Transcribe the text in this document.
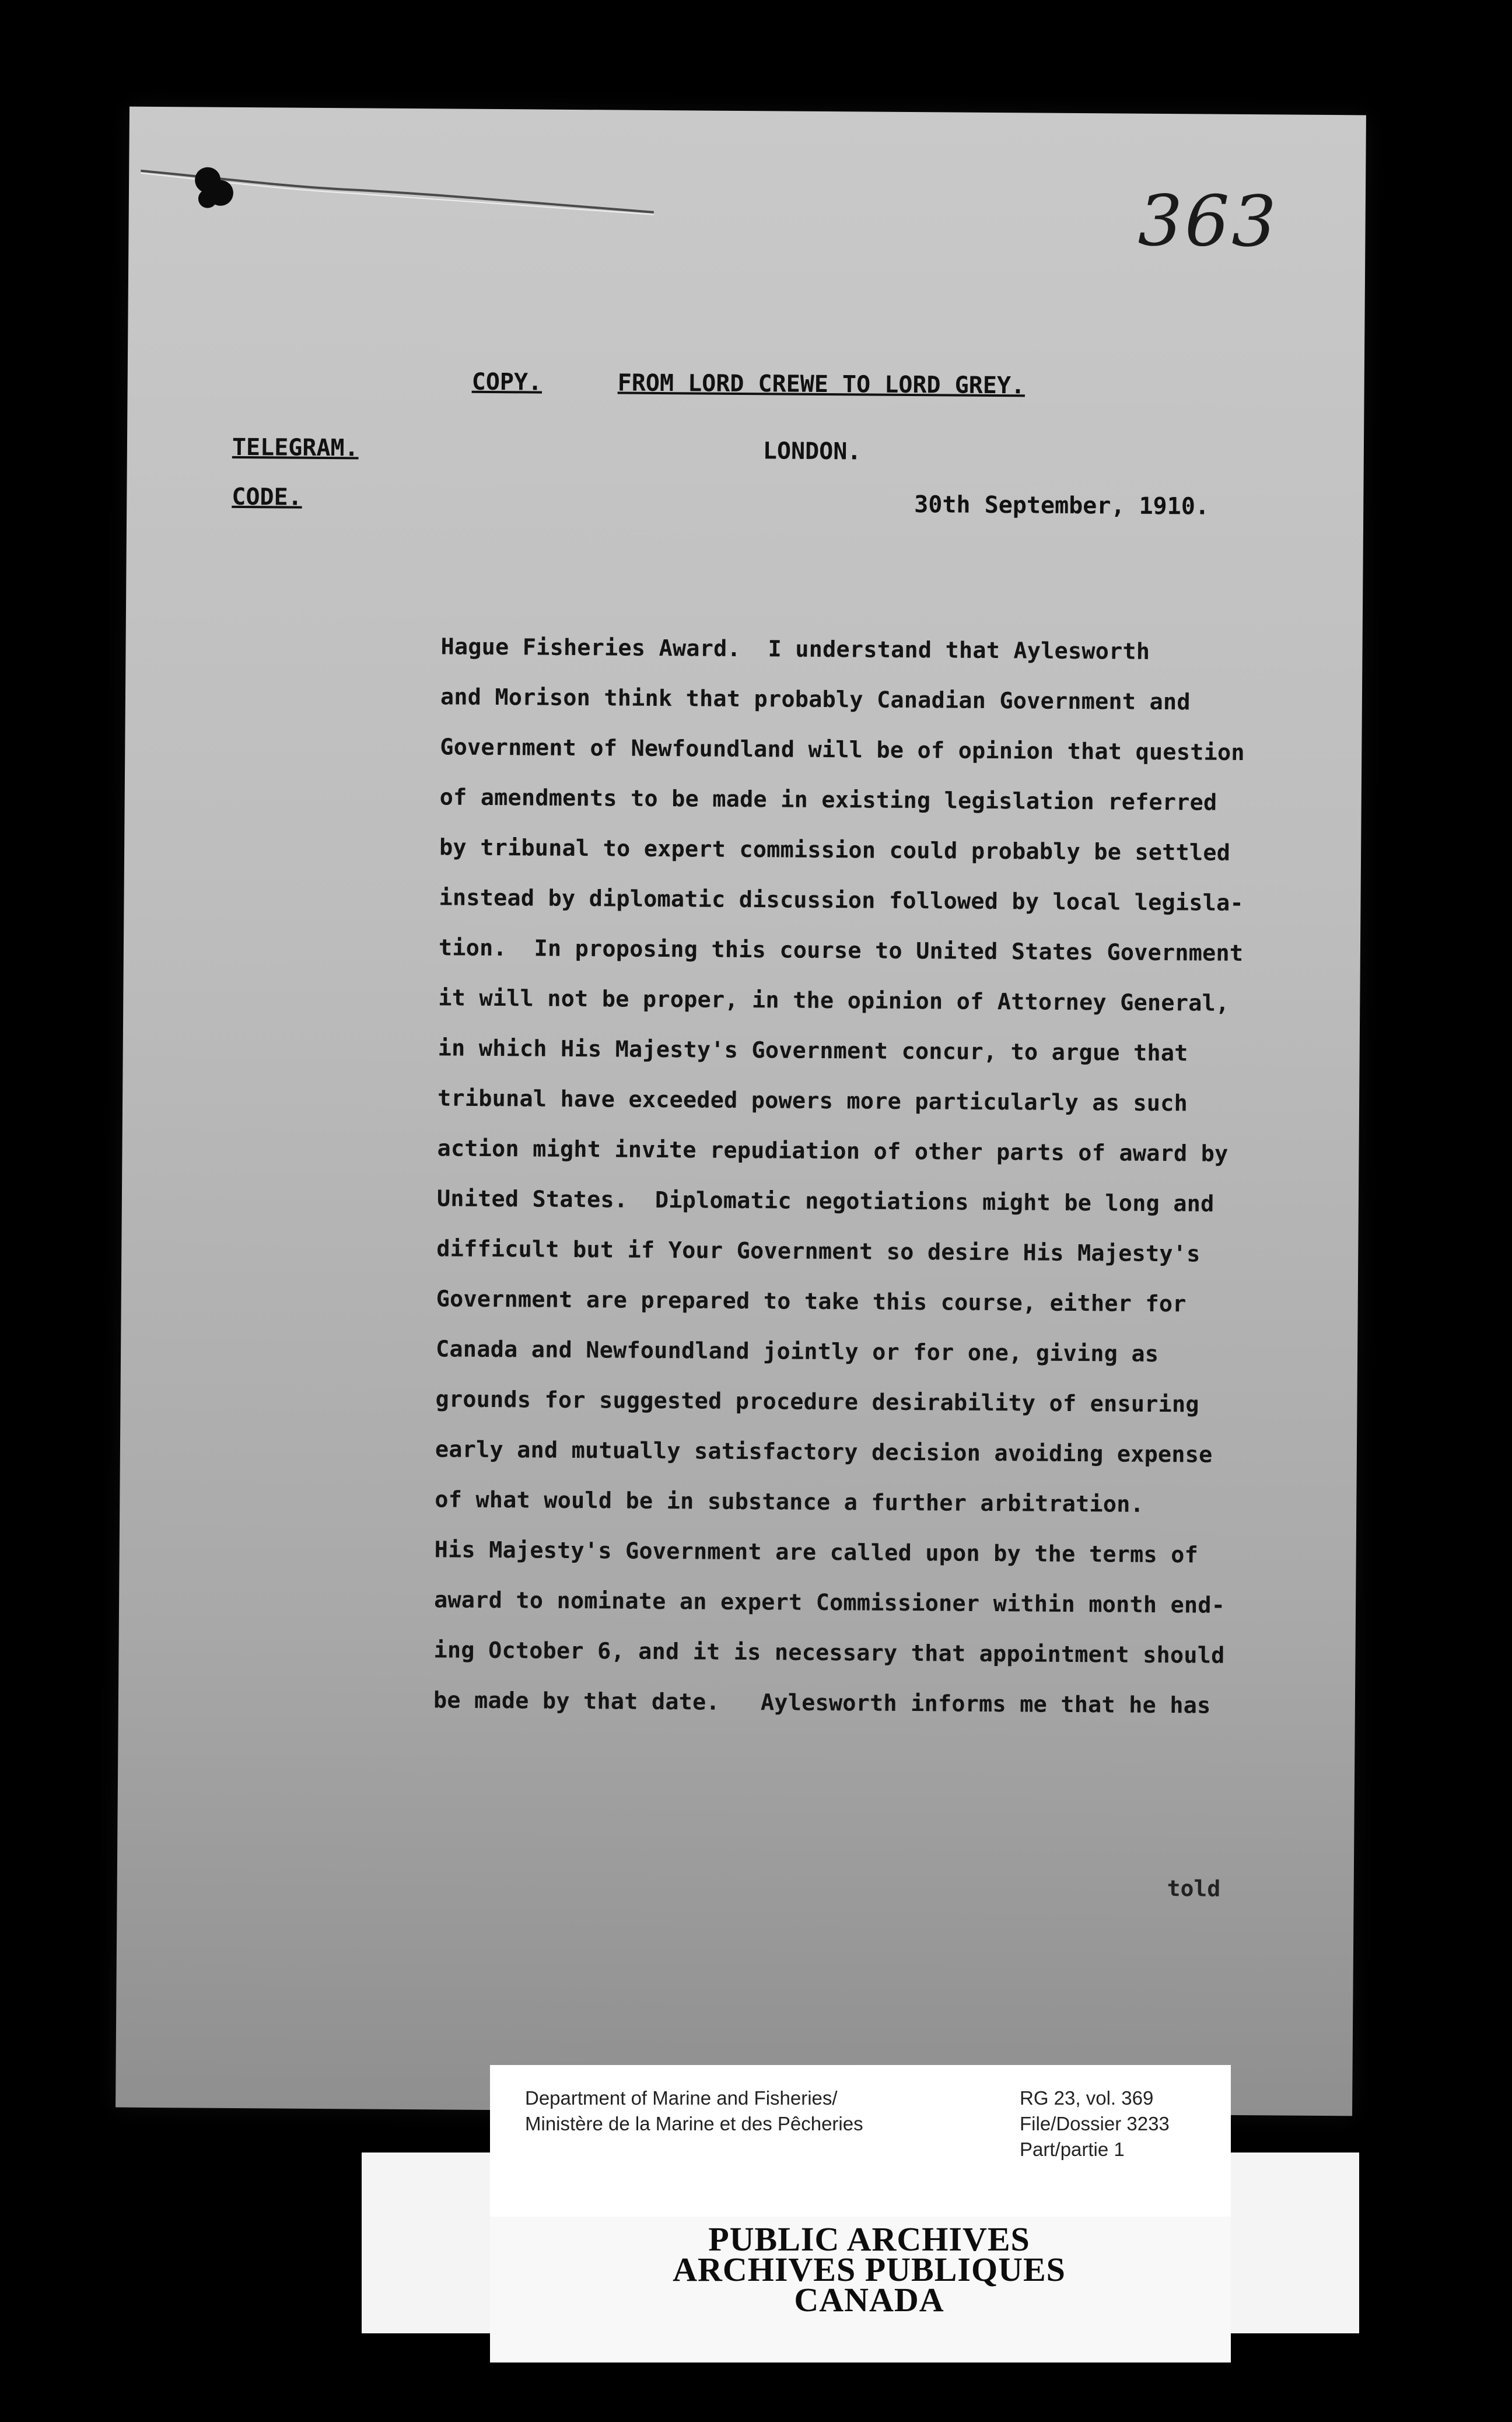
363
COPY.	FROM LORD CREWE TO LORD GREY.
TELEGRAM.
CODE.
LONDON.
30th September, 1910.
Hague Fisheries Award.  I understand that Aylesworth
and Morison think that probably Canadian Government and
Government of Newfoundland will be of opinion that question
of amendments to be made in existing legislation referred
by tribunal to expert commission could probably be settled
instead by diplomatic discussion followed by local legisla-
tion.  In proposing this course to United States Government
it will not be proper, in the opinion of Attorney General,
in which His Majesty's Government concur, to argue that
tribunal have exceeded powers more particularly as such
action might invite repudiation of other parts of award by
United States.  Diplomatic negotiations might be long and
difficult but if Your Government so desire His Majesty's
Government are prepared to take this course, either for
Canada and Newfoundland jointly or for one, giving as
grounds for suggested procedure desirability of ensuring
early and mutually satisfactory decision avoiding expense
of what would be in substance a further arbitration.
His Majesty's Government are called upon by the terms of
award to nominate an expert Commissioner within month end-
ing October 6, and it is necessary that appointment should
be made by that date.   Aylesworth informs me that he has
told
Department of Marine and Fisheries/
Ministère de la Marine et des Pêcheries
RG 23, vol. 369
File/Dossier 3233
Part/partie 1
PUBLIC ARCHIVES
ARCHIVES PUBLIQUES
CANADA
